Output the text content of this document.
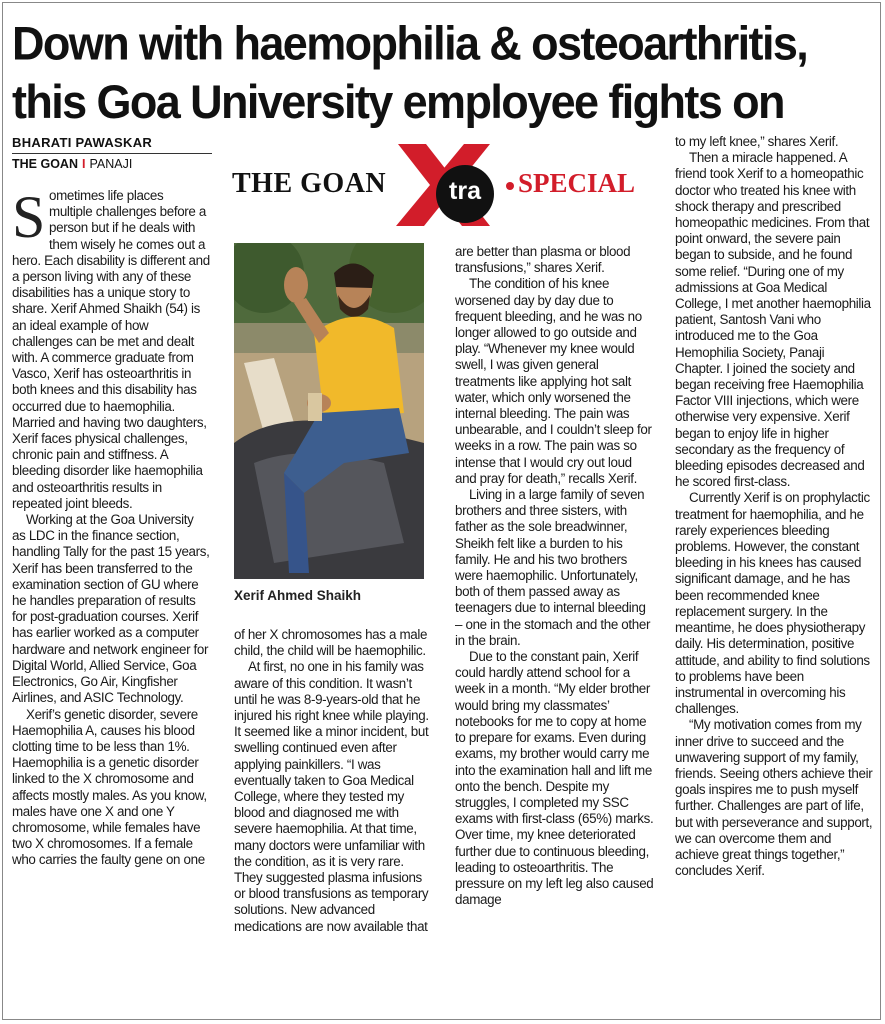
Down with haemophilia & osteoarthritis,
this Goa University employee fights on
BHARATI PAWASKAR
THE GOAN I PANAJI
THE GOAN
X
tra	SPECIAL

Sometimes life places multiple challenges before a person but if he deals with them wisely he comes out a hero. Each disability is different and a person living with any of these disabilities has a unique story to share. Xerif Ahmed Shaikh (54) is an ideal example of how challenges can be met and dealt with. A commerce graduate from Vasco, Xerif has osteoarthritis in both knees and this disability has occurred due to haemophilia. Married and having two daughters, Xerif faces physical challenges, chronic pain and stiffness. A bleeding disorder like haemophilia and osteoarthritis results in repeated joint bleeds.

Working at the Goa University as LDC in the finance section, handling Tally for the past 15 years, Xerif has been transferred to the examination section of GU where he handles preparation of results for post-graduation courses. Xerif has earlier worked as a computer hardware and network engineer for Digital World, Allied Service, Goa Electronics, Go Air, Kingfisher Airlines, and ASIC Technology.

Xerif’s genetic disorder, severe Haemophilia A, causes his blood clotting time to be less than 1%. Haemophilia is a genetic disorder linked to the X chromosome and affects mostly males. As you know, males have one X and one Y chromosome, while females have two X chromosomes. If a female who carries the faulty gene on one

Xerif Ahmed Shaikh

of her X chromosomes has a male child, the child will be haemophilic.

At first, no one in his family was aware of this condition. It wasn’t until he was 8-9-years-old that he injured his right knee while playing. It seemed like a minor incident, but swelling continued even after applying painkillers. “I was eventually taken to Goa Medical College, where they tested my blood and diagnosed me with severe haemophilia. At that time, many doctors were unfamiliar with the condition, as it is very rare. They suggested plasma infusions or blood transfusions as temporary solutions. New advanced medications are now available that

are better than plasma or blood transfusions,” shares Xerif.

The condition of his knee worsened day by day due to frequent bleeding, and he was no longer allowed to go outside and play. “Whenever my knee would swell, I was given general treatments like applying hot salt water, which only worsened the internal bleeding. The pain was unbearable, and I couldn’t sleep for weeks in a row. The pain was so intense that I would cry out loud and pray for death,” recalls Xerif.

Living in a large family of seven brothers and three sisters, with father as the sole breadwinner, Sheikh felt like a burden to his family. He and his two brothers were haemophilic. Unfortunately, both of them passed away as teenagers due to internal bleeding – one in the stomach and the other in the brain.

Due to the constant pain, Xerif could hardly attend school for a week in a month. “My elder brother would bring my classmates’ notebooks for me to copy at home to prepare for exams. Even during exams, my brother would carry me into the examination hall and lift me onto the bench. Despite my struggles, I completed my SSC exams with first-class (65%) marks. Over time, my knee deteriorated further due to continuous bleeding, leading to osteoarthritis. The pressure on my left leg also caused damage

to my left knee,” shares Xerif.

Then a miracle happened. A friend took Xerif to a homeopathic doctor who treated his knee with shock therapy and prescribed homeopathic medicines. From that point onward, the severe pain began to subside, and he found some relief. “During one of my admissions at Goa Medical College, I met another haemophilia patient, Santosh Vani who introduced me to the Goa Hemophilia Society, Panaji Chapter. I joined the society and began receiving free Haemophilia Factor VIII injections, which were otherwise very expensive. Xerif began to enjoy life in higher secondary as the frequency of bleeding episodes decreased and he scored first-class.

Currently Xerif is on prophylactic treatment for haemophilia, and he rarely experiences bleeding problems. However, the constant bleeding in his knees has caused significant damage, and he has been recommended knee replacement surgery. In the meantime, he does physiotherapy daily. His determination, positive attitude, and ability to find solutions to problems have been instrumental in overcoming his challenges.

“My motivation comes from my inner drive to succeed and the unwavering support of my family, friends. Seeing others achieve their goals inspires me to push myself further. Challenges are part of life, but with perseverance and support, we can overcome them and achieve great things together,” concludes Xerif.
